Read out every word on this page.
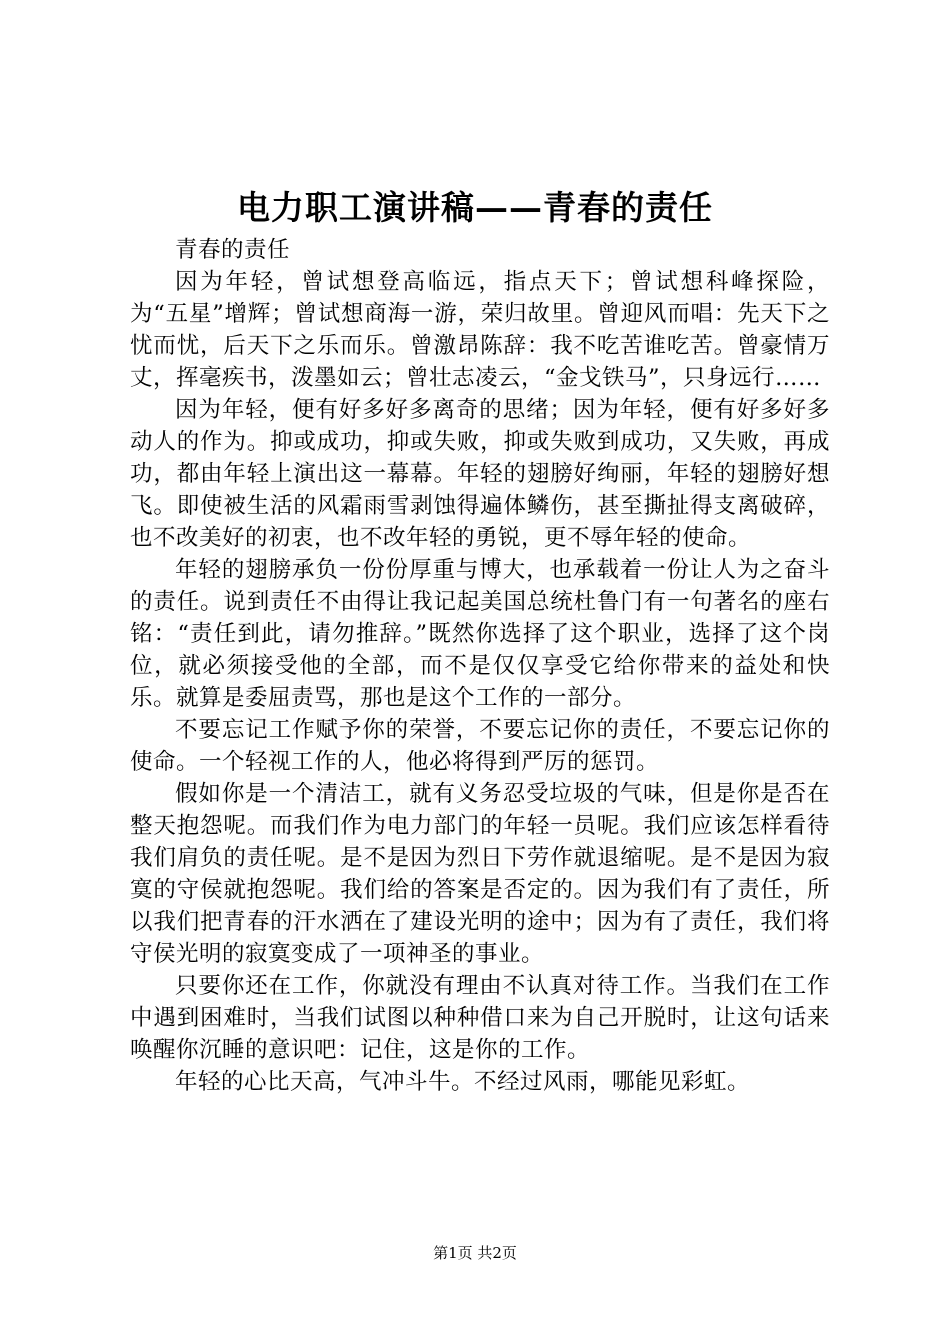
电力职工演讲稿——青春的责任

青春的责任

因为年轻，曾试想登高临远，指点天下；曾试想科峰探险，为“五星”增辉；曾试想商海一游，荣归故里。曾迎风而唱：先天下之忧而忧，后天下之乐而乐。曾激昂陈辞：我不吃苦谁吃苦。曾豪情万丈，挥毫疾书，泼墨如云；曾壮志凌云，“金戈铁马”，只身远行……

因为年轻，便有好多好多离奇的思绪；因为年轻，便有好多好多动人的作为。抑或成功，抑或失败，抑或失败到成功，又失败，再成功，都由年轻上演出这一幕幕。年轻的翅膀好绚丽，年轻的翅膀好想飞。即使被生活的风霜雨雪剥蚀得遍体鳞伤，甚至撕扯得支离破碎，也不改美好的初衷，也不改年轻的勇锐，更不辱年轻的使命。

年轻的翅膀承负一份份厚重与博大，也承载着一份让人为之奋斗的责任。说到责任不由得让我记起美国总统杜鲁门有一句著名的座右铭：“责任到此，请勿推辞。”既然你选择了这个职业，选择了这个岗位，就必须接受他的全部，而不是仅仅享受它给你带来的益处和快乐。就算是委屈责骂，那也是这个工作的一部分。

不要忘记工作赋予你的荣誉，不要忘记你的责任，不要忘记你的使命。一个轻视工作的人，他必将得到严厉的惩罚。

假如你是一个清洁工，就有义务忍受垃圾的气味，但是你是否在整天抱怨呢。而我们作为电力部门的年轻一员呢。我们应该怎样看待我们肩负的责任呢。是不是因为烈日下劳作就退缩呢。是不是因为寂寞的守侯就抱怨呢。我们给的答案是否定的。因为我们有了责任，所以我们把青春的汗水洒在了建设光明的途中；因为有了责任，我们将守侯光明的寂寞变成了一项神圣的事业。

只要你还在工作，你就没有理由不认真对待工作。当我们在工作中遇到困难时，当我们试图以种种借口来为自己开脱时，让这句话来唤醒你沉睡的意识吧：记住，这是你的工作。

年轻的心比天高，气冲斗牛。不经过风雨，哪能见彩虹。

第1页 共2页
